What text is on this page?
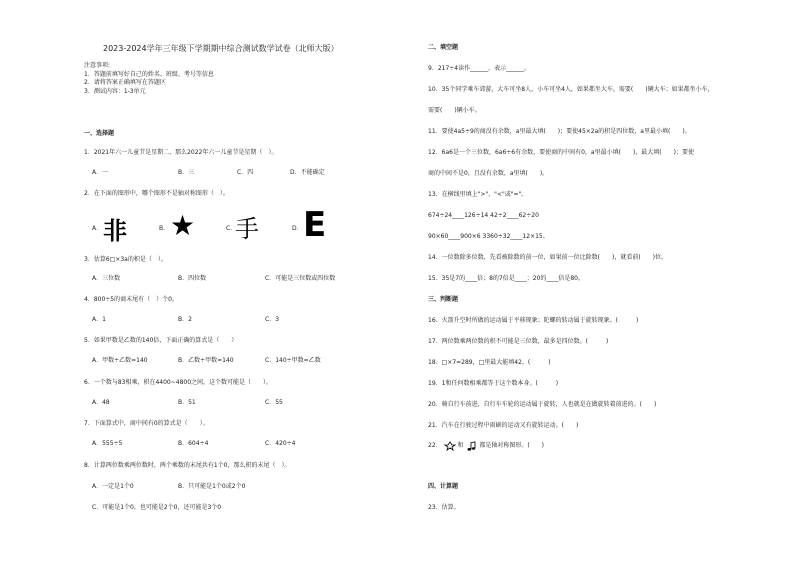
2023-2024学年三年级下学期期中综合测试数学试卷（北师大版）
注意事项:
1．答题前填写好自己的姓名、班级、考号等信息
2．请将答案正确填写在答题区
3．测试内容：1-3单元
一、选择题
1．2021年六一儿童节是星期二，那么2022年六一儿童节是星期（　）。
A．一	B．三	C．四	D．不能确定
2．在下面的图形中，哪个图形不是轴对称图形（　）。
A． 非	B． ★	C．
手	D． E
3．估算6□×3a的积是（　）。
A．三位数	B．四位数	C．可能是三位数或四位数
4．800÷5的商末尾有（　）个0。
A．1	B．2	C．3
5．如果甲数是乙数的140倍，下面正确的算式是（　　）
A．甲数÷乙数=140	B．乙数÷甲数=140	C．140÷甲数=乙数
6．一个数与83相乘，积在4400~4800之间，这个数可能是（　　）。
A．48	B．51	C．55
7．下面算式中，商中间有0的算式是（　　）。
A．555÷5	B．604÷4	C．420÷4
8．计算两位数乘两位数时，两个乘数的末尾共有1个0，那么积的末尾（　）。
A．一定是1个0	B．只可能是1个0或2个0
C．可能是1个0，也可能是2个0，还可能是3个0
二、填空题
9．217÷4读作______，表示______。
10．35个同学乘车郊游，大车可坐8人，小车可坐4人，如果都坐大车，需要(　　)辆大车；如果都坐小车，
需要(　　)辆小车。
11．要使4a5÷9的商没有余数，a里最大填(　　)；要使45×2a的积是四位数，a里最小填(　　)。
12．6a6是一个三位数，6a6÷6有余数，要使商的中间有0，a里最小填(　　)，最大填(　　)；要使
商的中间不是0，且没有余数，a里填(　　)。
13．在横线里填上">"、"<"或"="。
674÷24____126÷14 42÷2____62÷20
90×60____900×6 3360÷32____12×15。
14．一位数除多位数，先看被除数的前一位，如果前一位比除数(　　)，就看前(　　)位。
15．35是7的____倍；8的7倍是____；20的____倍是80。
三、判断题
16．火箭升空时所做的运动属于平移现象；陀螺的转动属于旋转现象。(　　　)
17．两位数乘两位数的积不可能是三位数，最多是四位数。(　　　)
18．□×7=289，□里最大能填42。(　　　)
19．1和任何数相乘都等于这个数本身。(　　　)
20．骑自行车前进，自行车车轮的运动属于旋转，人也就是在做旋转着前进的。(　　)
21．汽车在行驶过程中雨刷的运动又有旋转运动。(　　)
22．	和	都是轴对称图形。(　　)
四、计算题
23．估算。
